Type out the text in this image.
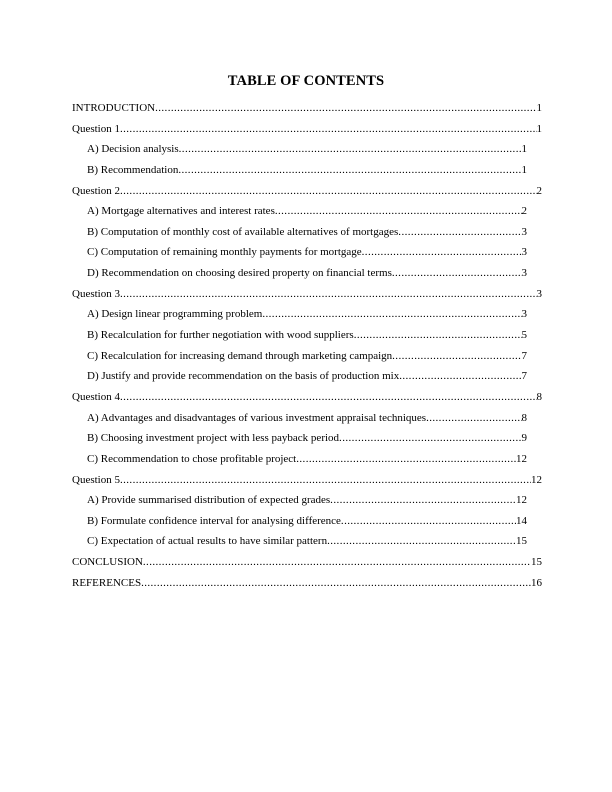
TABLE OF CONTENTS
INTRODUCTION .....	1
Question 1 .....	1
A) Decision analysis .....	1
B) Recommendation .....	1
Question 2 .....	2
A) Mortgage alternatives and interest rates .....	2
B) Computation of monthly cost of available alternatives of mortgages .....	3
C) Computation of remaining monthly payments for mortgage .....	3
D) Recommendation on choosing desired property on financial terms .....	3
Question 3 .....	3
A) Design linear programming problem .....	3
B) Recalculation for further negotiation with wood suppliers .....	5
C) Recalculation for increasing demand through marketing campaign .....	7
D) Justify and provide recommendation on the basis of production mix .....	7
Question 4 .....	8
A) Advantages and disadvantages of various investment appraisal techniques .....	8
B) Choosing investment project with less payback period .....	9
C) Recommendation to chose profitable project .....	12
Question 5 .....	12
A) Provide summarised distribution of expected grades .....	12
B) Formulate confidence interval for analysing difference .....	14
C) Expectation of actual results to have similar pattern .....	15
CONCLUSION .....	15
REFERENCES .....	16
